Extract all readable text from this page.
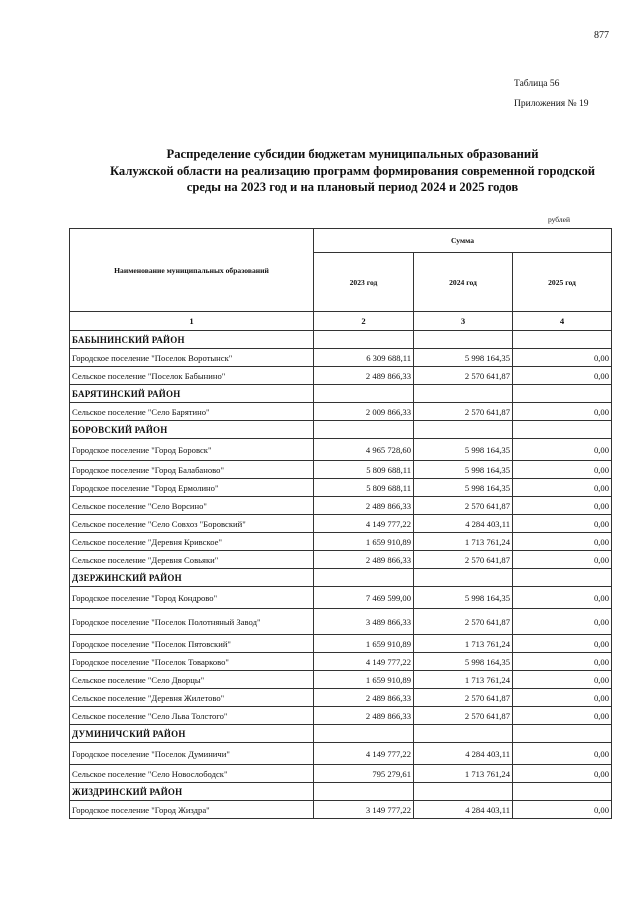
877
Таблица 56
Приложения № 19
Распределение субсидии бюджетам муниципальных образований
Калужской области на реализацию программ формирования современной городской
среды на 2023 год и на плановый период 2024 и 2025 годов
рублей
Наименование муниципальных образований	Сумма		
	2023 год	2024 год	2025 год
1	2	3	4
БАБЫНИНСКИЙ РАЙОН			
Городское поселение "Поселок Воротынск"	6 309 688,11	5 998 164,35	0,00
Сельское поселение "Поселок Бабынино"	2 489 866,33	2 570 641,87	0,00
БАРЯТИНСКИЙ РАЙОН			
Сельское поселение "Село Барятино"	2 009 866,33	2 570 641,87	0,00
БОРОВСКИЙ РАЙОН			
Городское поселение "Город Боровск"	4 965 728,60	5 998 164,35	0,00
Городское поселение "Город Балабаново"	5 809 688,11	5 998 164,35	0,00
Городское поселение "Город Ермолино"	5 809 688,11	5 998 164,35	0,00
Сельское поселение "Село Ворсино"	2 489 866,33	2 570 641,87	0,00
Сельское поселение "Село Совхоз "Боровский"	4 149 777,22	4 284 403,11	0,00
Сельское поселение "Деревня Кривское"	1 659 910,89	1 713 761,24	0,00
Сельское поселение "Деревня Совьяки"	2 489 866,33	2 570 641,87	0,00
ДЗЕРЖИНСКИЙ РАЙОН			
Городское поселение "Город Кондрово"	7 469 599,00	5 998 164,35	0,00
Городское поселение "Поселок Полотняный Завод"	3 489 866,33	2 570 641,87	0,00
Городское поселение "Поселок Пятовский"	1 659 910,89	1 713 761,24	0,00
Городское поселение "Поселок Товарково"	4 149 777,22	5 998 164,35	0,00
Сельское поселение "Село Дворцы"	1 659 910,89	1 713 761,24	0,00
Сельское поселение "Деревня Жилетово"	2 489 866,33	2 570 641,87	0,00
Сельское поселение "Село Льва Толстого"	2 489 866,33	2 570 641,87	0,00
ДУМИНИЧСКИЙ РАЙОН			
Городское поселение "Поселок Думиничи"	4 149 777,22	4 284 403,11	0,00
Сельское поселение "Село Новослободск"	795 279,61	1 713 761,24	0,00
ЖИЗДРИНСКИЙ РАЙОН			
Городское поселение "Город Жиздра"	3 149 777,22	4 284 403,11	0,00
